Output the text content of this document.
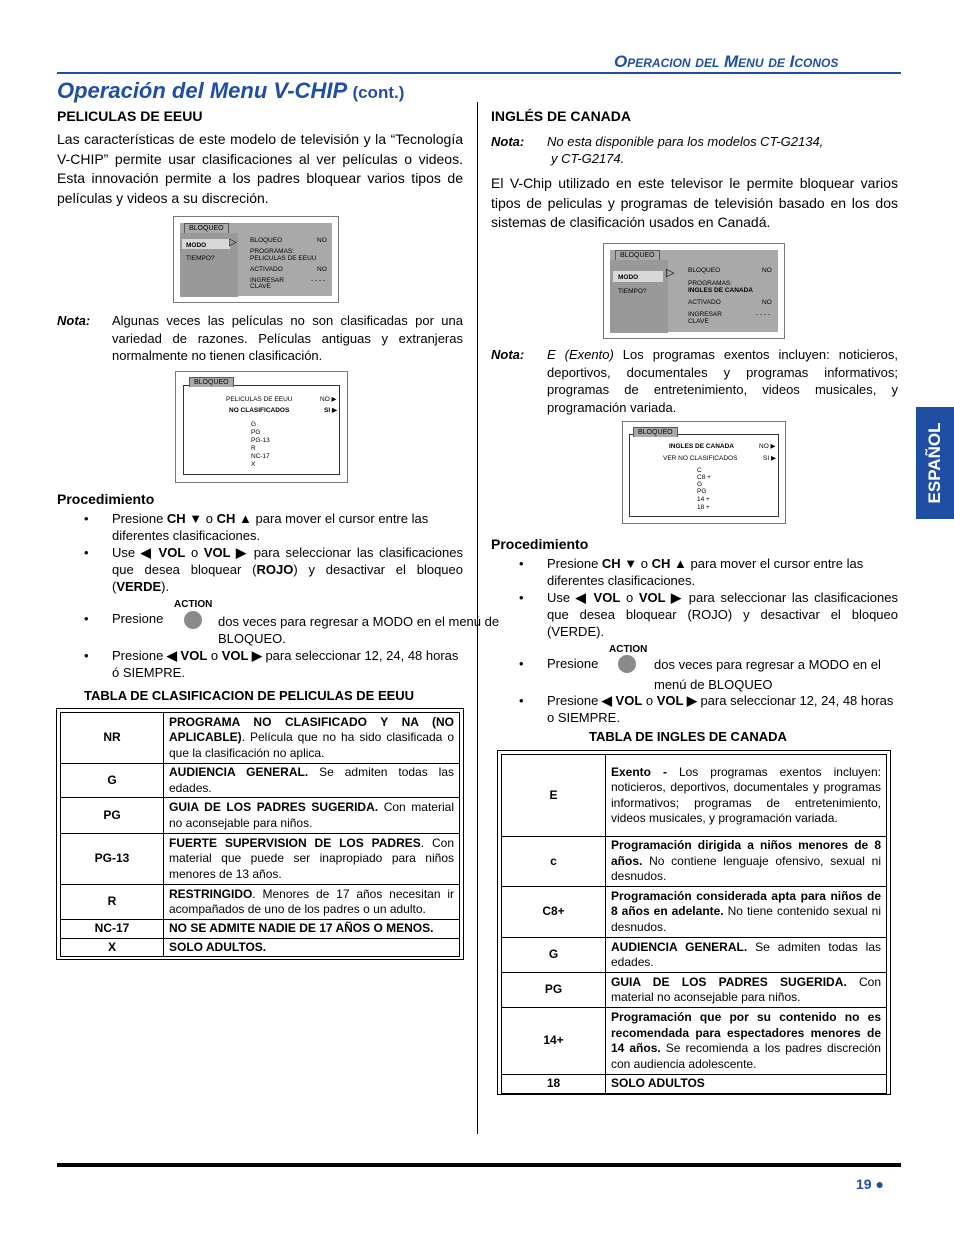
Operacion del Menu de Iconos
Operación del Menu V-CHIP (cont.)
PELICULAS DE EEUU
Las características de este modelo de televisión y la “Tecnología V-CHIP” permite usar clasificaciones al ver películas o videos. Esta innovación permite a los padres bloquear varios tipos de películas y videos a su discreción.
BLOQUEO
MODO
TIEMPO?
▷ BLOQUEO	NO
PROGRAMAS:
PELICULAS DE EEUU
ACTIVADO	NO
INGRESAR
CLAVE
- - - -
Nota: Algunas veces las películas no son clasificadas por una variedad de razones. Películas antiguas y extranjeras normalmente no tienen clasificación.
BLOQUEO
PELICULAS DE EEUU	NO ▶
NO CLASIFICADOS	SI ▶
G
PG
PG-13
R
NC-17
X
Procedimiento
• Presione CH ▼ o CH ▲ para mover el cursor entre las diferentes clasificaciones.
• Use ◀ VOL o VOL ▶ para seleccionar las clasificaciones que desea bloquear (ROJO) y desactivar el bloqueo (VERDE).
• Presione	dos veces para regresar a MODO en el menú de BLOQUEO.
ACTION
• Presione ◀ VOL o VOL ▶ para seleccionar 12, 24, 48 horas ó SIEMPRE.
TABLA DE CLASIFICACION DE PELICULAS DE EEUU
NR	PROGRAMA NO CLASIFICADO Y NA (NO APLICABLE). Película que no ha sido clasificada o que la clasificación no aplica.
G	AUDIENCIA GENERAL. Se admiten todas las edades.
PG	GUIA DE LOS PADRES SUGERIDA. Con material no aconsejable para niños.
PG-13	FUERTE SUPERVISION DE LOS PADRES. Con material que puede ser inapropiado para niños menores de 13 años.
R	RESTRINGIDO. Menores de 17 años necesitan ir acompañados de uno de los padres o un adulto.
NC-17	NO SE ADMITE NADIE DE 17 AÑOS O MENOS.
X	SOLO ADULTOS.
INGLÉS DE CANADA
Nota: No esta disponible para los modelos CT-G2134,
y CT-G2174.
El V-Chip utilizado en este televisor le permite bloquear varios tipos de peliculas y programas de televisión basado en los dos sistemas de clasificación usados en Canadá.
BLOQUEO
MODO
TIEMPO?
▷ BLOQUEO	NO
PROGRAMAS:
INGLES DE CANADA
ACTIVADO	NO
INGRESAR
CLAVE
- - - -
Nota: E (Exento) Los programas exentos incluyen: noticieros, deportivos, documentales y programas informativos; programas de entretenimiento, videos musicales, y programación variada.
BLOQUEO
INGLES DE CANADA	NO ▶
VER NO CLASIFICADOS	SI ▶
C
C8 +
G
PG
14 +
18 +
Procedimiento
• Presione CH ▼ o CH ▲ para mover el cursor entre las diferentes clasificaciones.
• Use ◀ VOL o VOL ▶ para seleccionar las clasificaciones que desea bloquear (ROJO) y desactivar el bloqueo (VERDE).
• Presione	dos veces para regresar a MODO en el menú de BLOQUEO
ACTION
• Presione ◀ VOL o VOL ▶ para seleccionar 12, 24, 48 horas o SIEMPRE.
TABLA DE INGLES DE CANADA
E	Exento - Los programas exentos incluyen: noticieros, deportivos, documentales y programas informativos; programas de entretenimiento, videos musicales, y programación variada.
c	Programación dirigida a niños menores de 8 años. No contiene lenguaje ofensivo, sexual ni desnudos.
C8+	Programación considerada apta para niños de 8 años en adelante. No tiene contenido sexual ni desnudos.
G	AUDIENCIA GENERAL. Se admiten todas las edades.
PG	GUIA DE LOS PADRES SUGERIDA. Con material no aconsejable para niños.
14+	Programación que por su contenido no es recomendada para espectadores menores de 14 años. Se recomienda a los padres discreción con audiencia adolescente.
18	SOLO ADULTOS
ESPAÑOL
19 ●
